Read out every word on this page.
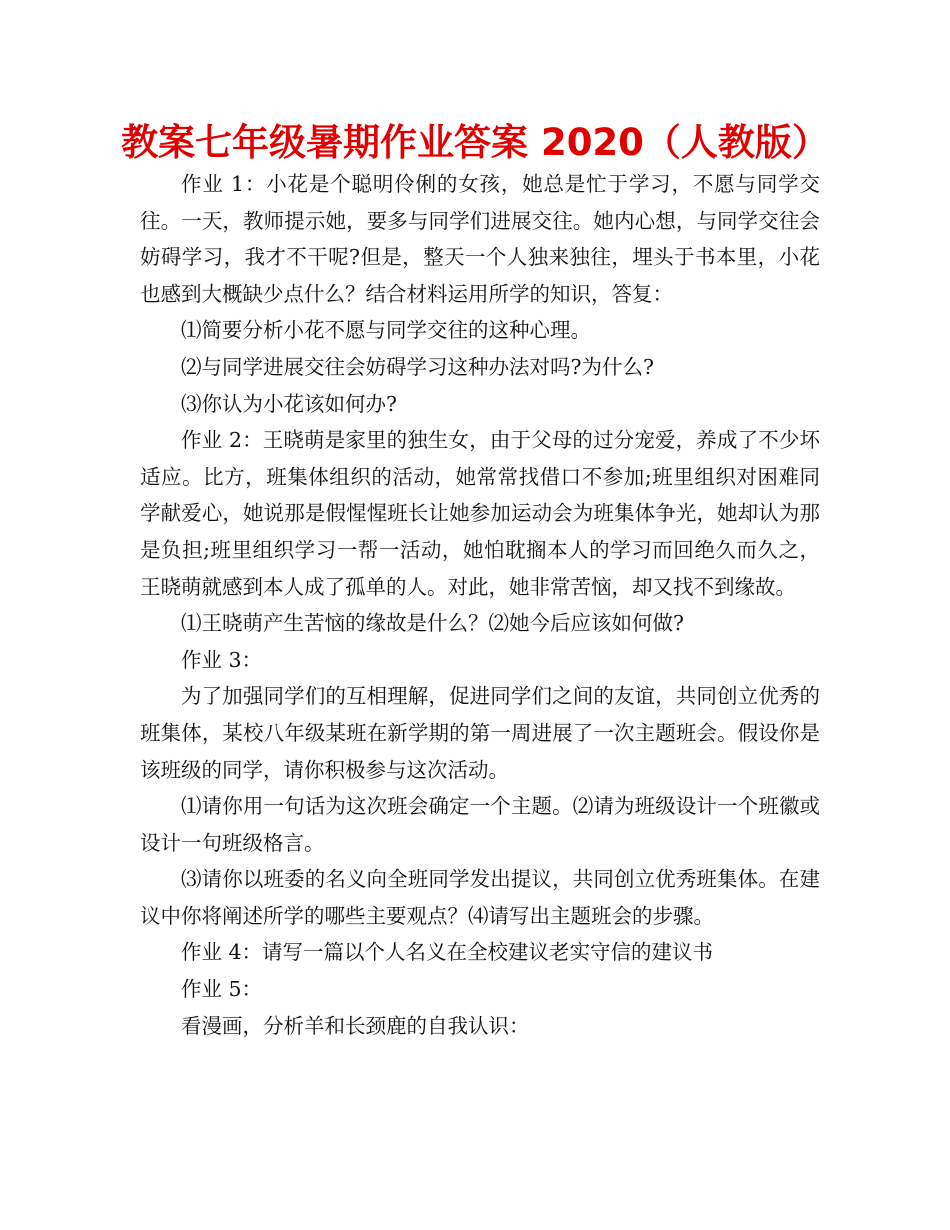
教案七年级暑期作业答案 2020（人教版）

作业 1：小花是个聪明伶俐的女孩，她总是忙于学习，不愿与同学交往。一天，教师提示她，要多与同学们进展交往。她内心想，与同学交往会妨碍学习，我才不干呢?但是，整天一个人独来独往，埋头于书本里，小花也感到大概缺少点什么？结合材料运用所学的知识，答复：

⑴简要分析小花不愿与同学交往的这种心理。

⑵与同学进展交往会妨碍学习这种办法对吗?为什么?

⑶你认为小花该如何办?

作业 2：王晓萌是家里的独生女，由于父母的过分宠爱，养成了不少坏适应。比方，班集体组织的活动，她常常找借口不参加;班里组织对困难同学献爱心，她说那是假惺惺班长让她参加运动会为班集体争光，她却认为那是负担;班里组织学习一帮一活动，她怕耽搁本人的学习而回绝久而久之，王晓萌就感到本人成了孤单的人。对此，她非常苦恼，却又找不到缘故。

⑴王晓萌产生苦恼的缘故是什么？⑵她今后应该如何做?

作业 3：

为了加强同学们的互相理解，促进同学们之间的友谊，共同创立优秀的班集体，某校八年级某班在新学期的第一周进展了一次主题班会。假设你是该班级的同学，请你积极参与这次活动。

⑴请你用一句话为这次班会确定一个主题。⑵请为班级设计一个班徽或设计一句班级格言。

⑶请你以班委的名义向全班同学发出提议，共同创立优秀班集体。在建议中你将阐述所学的哪些主要观点？⑷请写出主题班会的步骤。

作业 4：请写一篇以个人名义在全校建议老实守信的建议书

作业 5：

看漫画，分析羊和长颈鹿的自我认识：
